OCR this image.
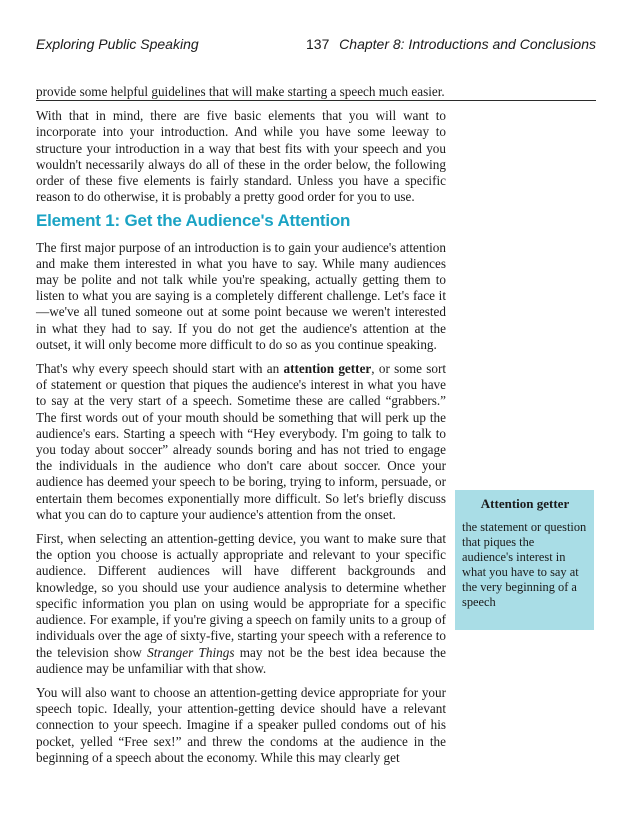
Exploring Public Speaking	137 Chapter 8: Introductions and Conclusions

provide some helpful guidelines that will make starting a speech much easier.

With that in mind, there are five basic elements that you will want to incorporate into your introduction. And while you have some leeway to structure your introduction in a way that best fits with your speech and you wouldn't necessarily always do all of these in the order below, the following order of these five elements is fairly standard. Unless you have a specific reason to do otherwise, it is probably a pretty good order for you to use.

Element 1: Get the Audience's Attention

The first major purpose of an introduction is to gain your audience's attention and make them interested in what you have to say. While many audiences may be polite and not talk while you're speaking, actually getting them to listen to what you are saying is a completely different challenge. Let's face it—we've all tuned someone out at some point because we weren't interested in what they had to say. If you do not get the audience's attention at the outset, it will only become more difficult to do so as you continue speaking.

That's why every speech should start with an attention getter, or some sort of statement or question that piques the audience's interest in what you have to say at the very start of a speech. Sometime these are called “grabbers.” The first words out of your mouth should be something that will perk up the audience's ears. Starting a speech with “Hey everybody. I'm going to talk to you today about soccer” already sounds boring and has not tried to engage the individuals in the audience who don't care about soccer. Once your audience has deemed your speech to be boring, trying to inform, persuade, or entertain them becomes exponentially more difficult. So let's briefly discuss what you can do to capture your audience's attention from the onset.

First, when selecting an attention-getting device, you want to make sure that the option you choose is actually appropriate and relevant to your specific audience. Different audiences will have different backgrounds and knowledge, so you should use your audience analysis to determine whether specific information you plan on using would be appropriate for a specific audience. For example, if you're giving a speech on family units to a group of individuals over the age of sixty-five, starting your speech with a reference to the television show Stranger Things may not be the best idea because the audience may be unfamiliar with that show.

You will also want to choose an attention-getting device appropriate for your speech topic. Ideally, your attention-getting device should have a relevant connection to your speech. Imagine if a speaker pulled condoms out of his pocket, yelled “Free sex!” and threw the condoms at the audience in the beginning of a speech about the economy. While this may clearly get

Attention getter
the statement or question that piques the audience's interest in what you have to say at the very beginning of a speech
